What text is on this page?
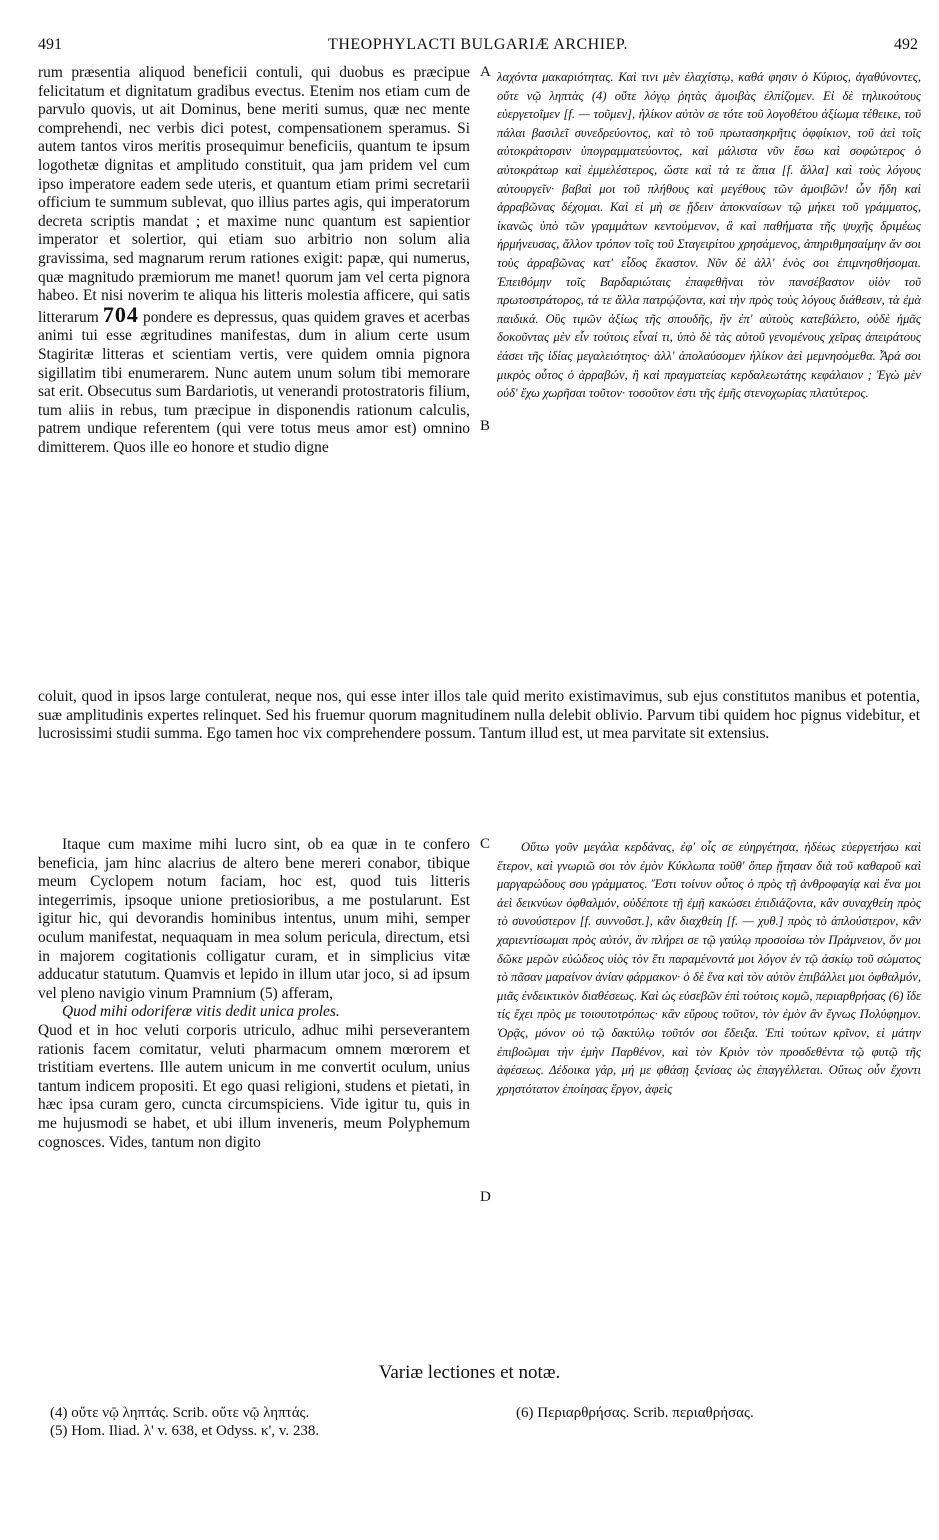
491	THEOPHYLACTI BULGARIÆ ARCHIEP.	492
A
B
C
D

rum præsentia aliquod beneficii contuli, qui duobus es præcipue felicitatum et dignitatum gradibus evectus. Etenim nos etiam cum de parvulo quovis, ut ait Dominus, bene meriti sumus, quæ nec mente comprehendi, nec verbis dici potest, compensationem speramus. Si autem tantos viros meritis prosequimur beneficiis, quantum te ipsum logothetæ dignitas et amplitudo constituit, qua jam pridem vel cum ipso imperatore eadem sede uteris, et quantum etiam primi secretarii officium te summum sublevat, quo illius partes agis, qui imperatorum decreta scriptis mandat ; et maxime nunc quantum est sapientior imperator et solertior, qui etiam suo arbitrio non solum alia gravissima, sed magnarum rerum rationes exigit: papæ, qui numerus, quæ magnitudo præmiorum me manet! quorum jam vel certa pignora habeo. Et nisi noverim te aliqua his litteris molestia afficere, qui satis litterarum 704 pondere es depressus, quas quidem graves et acerbas animi tui esse ægritudines manifestas, dum in alium certe usum Stagiritæ litteras et scientiam vertis, vere quidem omnia pignora sigillatim tibi enumerarem. Nunc autem unum solum tibi memorare sat erit. Obsecutus sum Bardariotis, ut venerandi protostratoris filium, tum aliis in rebus, tum præcipue in disponendis rationum calculis, patrem undique referentem (qui vere totus meus amor est) omnino dimitterem. Quos ille eo honore et studio digne

λαχόντα μακαριότητας. Καὶ τινι μὲν ἐλαχίστῳ, καθά φησιν ὁ Κύριος, ἀγαθύνοντες, οὔτε νῷ ληπτὰς (4) οὔτε λόγῳ ῥητὰς ἀμοιβὰς ἐλπίζομεν. Εἰ δὲ τηλικούτους εὐεργετοῖμεν [f. — τοῦμεν], ἡλίκον αὐτὸν σε τότε τοῦ λογοθέτου ἀξίωμα τέθεικε, τοῦ πάλαι βασιλεῖ συνεδρεύοντος, καὶ τὸ τοῦ πρωτασηκρῆτις ὀφφίκιον, τοῦ ἀεὶ τοῖς αὐτοκράτορσιν ὑπογραμματεύοντος, καὶ μάλιστα νῦν ἔσω καὶ σοφώτερος ὁ αὐτοκράτωρ καὶ ἐμμελέστερος, ὥστε καὶ τά τε ἄπια [f. ἄλλα] καὶ τοὺς λόγους αὐτουργεῖν· βαβαὶ μοι τοῦ πλήθους καὶ μεγέθους τῶν ἀμοιβῶν! ὧν ἤδη καὶ ἀρραβῶνας δέχομαι. Καὶ εἰ μὴ σε ᾔδειν ἀποκναίσων τῷ μήκει τοῦ γράμματος, ἱκανῶς ὑπὸ τῶν γραμμάτων κεντούμενον, ἃ καὶ παθήματα τῆς ψυχῆς δριμέως ἡρμήνευσας, ἄλλον τρόπον τοῖς τοῦ Σταγειρίτου χρησάμενος, ἀπηριθμησαίμην ἄν σοι τοὺς ἀρραβῶνας κατ' εἶδος ἕκαστον. Νῦν δὲ ἀλλ' ἑνὸς σοι ἐπιμνησθήσομαι. Ἐπειθόμην τοῖς Βαρδαριώταις ἐπαφεθῆναι τὸν πανσέβαστον υἱὸν τοῦ πρωτοστράτορος, τά τε ἄλλα πατρῴζοντα, καὶ τὴν πρὸς τοὺς λόγους διάθεσιν, τὰ ἐμὰ παιδικά. Οὓς τιμῶν ἀξίως τῆς σπουδῆς, ἣν ἐπ' αὐτοὺς κατεβάλετο, οὐδὲ ἡμᾶς δοκοῦντας μὲν εἶν τούτοις εἶναί τι, ὑπὸ δὲ τὰς αὐτοῦ γενομένους χεῖρας ἀπειράτους ἐάσει τῆς ἰδίας μεγαλειότητος· ἀλλ' ἀπολαύσομεν ἡλίκον ἀεὶ μεμνησόμεθα. Ἆρά σοι μικρὸς οὗτος ὁ ἀρραβών, ἢ καὶ πραγματείας κερδαλεωτάτης κεφάλαιον ; Ἐγὼ μὲν οὐδ' ἔχω χωρῆσαι τοῦτον· τοσοῦτον ἐστι τῆς ἐμῆς στενοχωρίας πλατύτερος.

coluit, quod in ipsos large contulerat, neque nos, qui esse inter illos tale quid merito existimavimus, sub ejus constitutos manibus et potentia, suæ amplitudinis expertes relinquet. Sed his fruemur quorum magnitudinem nulla delebit oblivio. Parvum tibi quidem hoc pignus videbitur, et lucrosissimi studii summa. Ego tamen hoc vix comprehendere possum. Tantum illud est, ut mea parvitate sit extensius.

Itaque cum maxime mihi lucro sint, ob ea quæ in te confero beneficia, jam hinc alacrius de altero bene mereri conabor, tibique meum Cyclopem notum faciam, hoc est, quod tuis litteris integerrimis, ipsoque unione pretiosioribus, a me postularunt. Est igitur hic, qui devorandis hominibus intentus, unum mihi, semper oculum manifestat, nequaquam in mea solum pericula, directum, etsi in majorem cogitationis colligatur curam, et in simplicius vitæ adducatur statutum. Quamvis et lepido in illum utar joco, si ad ipsum vel pleno navigio vinum Pramnium (5) afferam,

Quod mihi odoriferæ vitis dedit unica proles.

Quod et in hoc veluti corporis utriculo, adhuc mihi perseverantem rationis facem comitatur, veluti pharmacum omnem mœrorem et tristitiam evertens. Ille autem unicum in me convertit oculum, unius tantum indicem propositi. Et ego quasi religioni, studens et pietati, in hæc ipsa curam gero, cuncta circumspiciens. Vide igitur tu, quis in me hujusmodi se habet, et ubi illum inveneris, meum Polyphemum cognosces. Vides, tantum non digito

Οὕτω γοῦν μεγάλα κερδάνας, ἐφ' οἷς σε εὐηργέτησα, ἡδέως εὐεργετήσω καὶ ἕτερον, καὶ γνωριῶ σοι τὸν ἐμὸν Κύκλωπα τοῦθ' ὅπερ ᾔτησαν διὰ τοῦ καθαροῦ καὶ μαργαρώδους σου γράμματος. Ἔστι τοίνυν οὗτος ὁ πρὸς τῇ ἀνθροφαγίᾳ καὶ ἕνα μοι ἀεὶ δεικνύων ὀφθαλμόν, οὐδέποτε τῇ ἐμῇ κακώσει ἐπιδιάζοντα, κἂν συναχθείη πρὸς τὸ συνούστερον [f. συννοῦστ.], κἂν διαχθείη [f. — χυθ.] πρὸς τὸ ἁπλούστερον, κἂν χαριεντίσωμαι πρὸς αὐτόν, ἂν πλήρει σε τῷ γαύλῳ προσοίσω τὸν Πράμνειον, ὅν μοι δῶκε μερῶν εὐώδεος υἱὸς τὸν ἔτι παραμένοντά μοι λόγον ἐν τῷ ἀσκίῳ τοῦ σώματος τὸ πᾶσαν μαραίνον ἀνίαν φάρμακον· ὁ δὲ ἕνα καὶ τὸν αὐτὸν ἐπιβάλλει μοι ὀφθαλμόν, μιᾶς ἐνδεικτικὸν διαθέσεως. Καὶ ὡς εὐσεβῶν ἐπὶ τούτοις κομῶ, περιαρθρήσας (6) ἴδε τίς ἔχει πρὸς με τοιουτοτρόπως· κἂν εὕρους τοῦτον, τὸν ἐμὸν ἂν ἔγνως Πολύφημον. Ὁρᾷς, μόνον οὐ τῷ δακτύλῳ τοῦτόν σοι ἔδειξα. Ἐπὶ τούτων κρῖνον, εἰ μάτην ἐπιβοῶμαι τὴν ἐμὴν Παρθένον, καὶ τὸν Κριὸν τὸν προσδεθέντα τῷ φυτῷ τῆς ἀφέσεως. Δέδοικα γάρ, μή με φθάσῃ ξενίσας ὡς ἐπαγγέλλεται. Οὕτως οὖν ἔχοντι χρηστότατον ἐποίησας ἔργον, ἀφεὶς

Variæ lectiones et notæ.

(4) οὔτε νῷ ληπτάς. Scrib. οὔτε νῷ ληπτάς.

(5) Hom. Iliad. λ' v. 638, et Odyss. κ', v. 238.

(6) Περιαρθρήσας. Scrib. περιαθρήσας.
